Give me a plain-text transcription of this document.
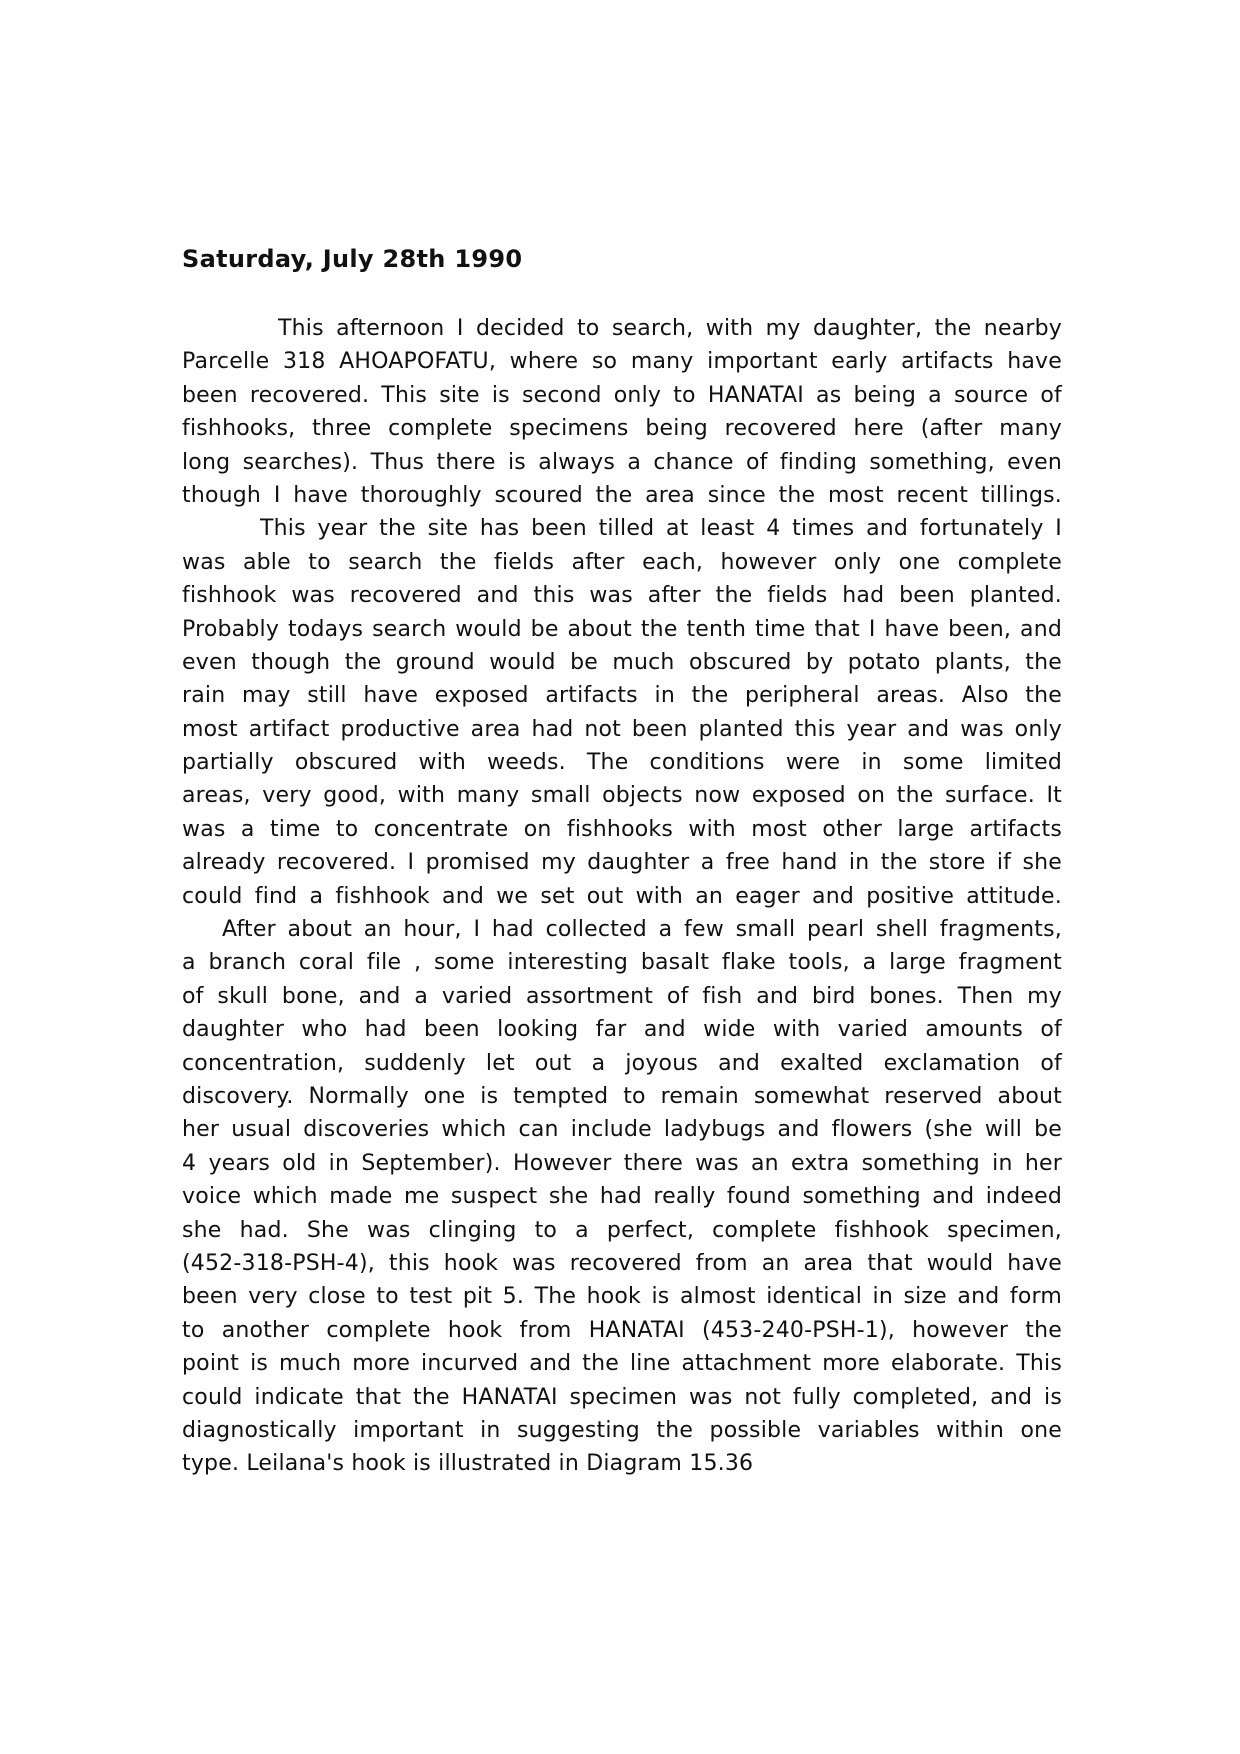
Saturday, July 28th 1990
This afternoon I decided to search, with my daughter, the nearby
Parcelle 318 AHOAPOFATU, where so many important early artifacts have
been recovered. This site is second only to HANATAI as being a source of
fishhooks, three complete specimens being recovered here (after many
long searches). Thus there is always a chance of finding something, even
though I have thoroughly scoured the area since the most recent tillings.
This year the site has been tilled at least 4 times and fortunately I
was able to search the fields after each, however only one complete
fishhook was recovered and this was after the fields had been planted.
Probably todays search would be about the tenth time that I have been, and
even though the ground would be much obscured by potato plants, the
rain may still have exposed artifacts in the peripheral areas. Also the
most artifact productive area had not been planted this year and was only
partially obscured with weeds. The conditions were in some limited
areas, very good, with many small objects now exposed on the surface. It
was a time to concentrate on fishhooks with most other large artifacts
already recovered. I promised my daughter a free hand in the store if she
could find a fishhook and we set out with an eager and positive attitude.
After about an hour, I had collected a few small pearl shell fragments,
a branch coral file , some interesting basalt flake tools, a large fragment
of skull bone, and a varied assortment of fish and bird bones. Then my
daughter who had been looking far and wide with varied amounts of
concentration, suddenly let out a joyous and exalted exclamation of
discovery. Normally one is tempted to remain somewhat reserved about
her usual discoveries which can include ladybugs and flowers (she will be
4 years old in September). However there was an extra something in her
voice which made me suspect she had really found something and indeed
she had. She was clinging to a perfect, complete fishhook specimen,
(452-318-PSH-4), this hook was recovered from an area that would have
been very close to test pit 5. The hook is almost identical in size and form
to another complete hook from HANATAI (453-240-PSH-1), however the
point is much more incurved and the line attachment more elaborate. This
could indicate that the HANATAI specimen was not fully completed, and is
diagnostically important in suggesting the possible variables within one
type. Leilana's hook is illustrated in Diagram 15.36
